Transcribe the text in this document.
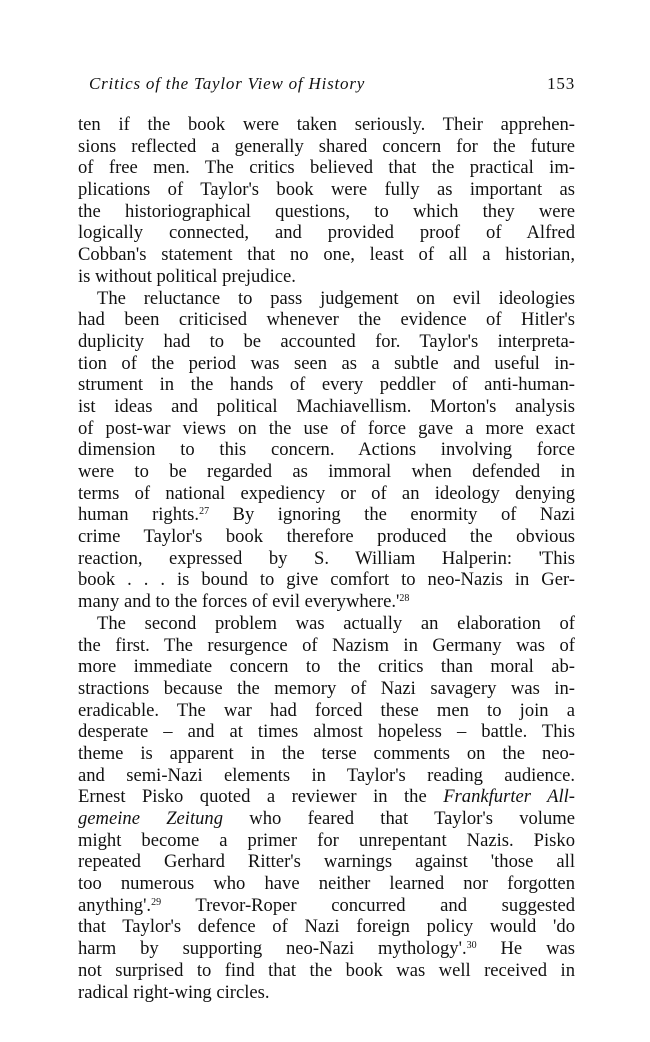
Critics of the Taylor View of History	153
ten if the book were taken seriously. Their apprehen-
sions reflected a generally shared concern for the future
of free men. The critics believed that the practical im-
plications of Taylor's book were fully as important as
the historiographical questions, to which they were
logically connected, and provided proof of Alfred
Cobban's statement that no one, least of all a historian,
is without political prejudice.
The reluctance to pass judgement on evil ideologies
had been criticised whenever the evidence of Hitler's
duplicity had to be accounted for. Taylor's interpreta-
tion of the period was seen as a subtle and useful in-
strument in the hands of every peddler of anti-human-
ist ideas and political Machiavellism. Morton's analysis
of post-war views on the use of force gave a more exact
dimension to this concern. Actions involving force
were to be regarded as immoral when defended in
terms of national expediency or of an ideology denying
human rights.$^{27}$ By ignoring the enormity of Nazi
crime Taylor's book therefore produced the obvious
reaction, expressed by S. William Halperin: 'This
book . . . is bound to give comfort to neo-Nazis in Ger-
many and to the forces of evil $everywhere.'^{28}$
The second problem was actually an elaboration of
the first. The resurgence of Nazism in Germany was of
more immediate concern to the critics than moral ab-
stractions because the memory of Nazi savagery was in-
eradicable. The war had forced these men to join a
desperate – and at times almost hopeless – battle. This
theme is apparent in the terse comments on the neo-
and semi-Nazi elements in Taylor's reading audience.
Ernest Pisko quoted a reviewer in the Frankfurter All-
gemeine Zeitung who feared that Taylor's volume
might become a primer for unrepentant Nazis. Pisko
repeated Gerhard Ritter's warnings against 'those all
too numerous who have neither learned nor forgotten
anything'.$^{29}$ Trevor-Roper concurred and suggested
that Taylor's defence of Nazi foreign policy would 'do
harm by supporting neo-Nazi mythology'.$^{30}$ He was
not surprised to find that the book was well received in
radical right-wing circles.
